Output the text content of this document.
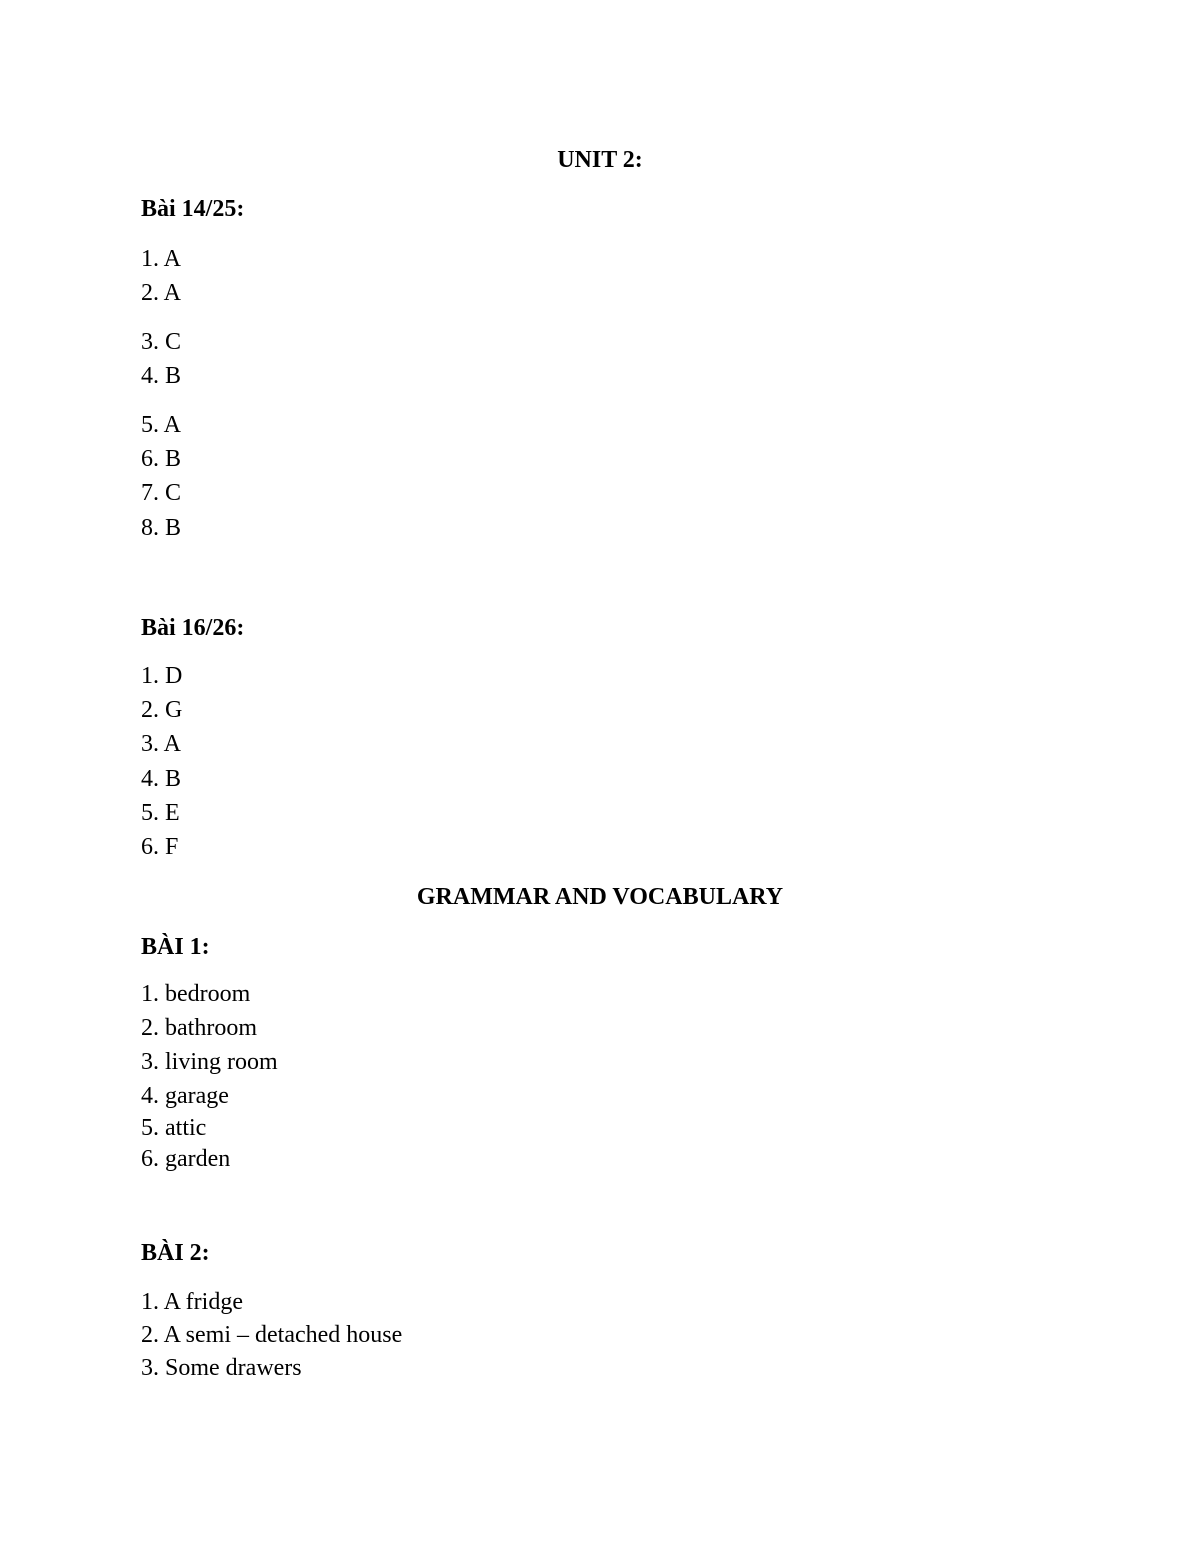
UNIT 2:
Bài 14/25:
1. A
2. A
3. C
4. B
5. A
6. B
7. C
8. B
Bài 16/26:
1. D
2. G
3. A
4. B
5. E
6. F
GRAMMAR AND VOCABULARY
BÀI 1:
1. bedroom
2. bathroom
3. living room
4. garage
5. attic
6. garden
BÀI 2:
1. A fridge
2. A semi – detached house
3. Some drawers
